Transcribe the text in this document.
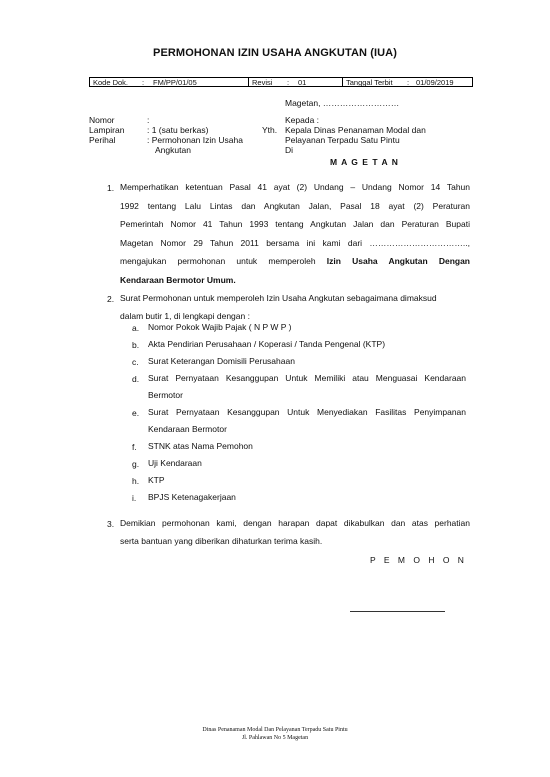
PERMOHONAN IZIN USAHA ANGKUTAN (IUA)
Kode Dok. : FM/PP/01/05	Revisi : 01	Tanggal Terbit : 01/09/2019
Magetan, ………………………
Nomor	:
Lampiran	: 1 (satu berkas)
Perihal	: Permohonan Izin Usaha
Angkutan
Yth.
Kepada :
Kepala Dinas Penanaman Modal dan
Pelayanan Terpadu Satu Pintu
Di
M A G E T A N
1. Memperhatikan ketentuan Pasal 41 ayat (2) Undang – Undang Nomor 14 Tahun
1992 tentang Lalu Lintas dan Angkutan Jalan, Pasal 18 ayat (2) Peraturan
Pemerintah Nomor 41 Tahun 1993 tentang Angkutan Jalan dan Peraturan Bupati
Magetan Nomor 29 Tahun 2011 bersama ini kami dari ……………………………..,
mengajukan permohonan untuk memperoleh Izin Usaha Angkutan Dengan
Kendaraan Bermotor Umum.
2. Surat Permohonan untuk memperoleh Izin Usaha Angkutan sebagaimana dimaksud
dalam butir 1, di lengkapi dengan :
a. Nomor Pokok Wajib Pajak ( N P W P )
b. Akta Pendirian Perusahaan / Koperasi / Tanda Pengenal (KTP)
c. Surat Keterangan Domisili Perusahaan
d. Surat Pernyataan Kesanggupan Untuk Memiliki atau Menguasai Kendaraan
Bermotor
e. Surat Pernyataan Kesanggupan Untuk Menyediakan Fasilitas Penyimpanan
Kendaraan Bermotor
f. STNK atas Nama Pemohon
g. Uji Kendaraan
h. KTP
i. BPJS Ketenagakerjaan
3. Demikian permohonan kami, dengan harapan dapat dikabulkan dan atas perhatian
serta bantuan yang diberikan dihaturkan terima kasih.
P E M O H O N
Dinas Penanaman Modal Dan Pelayanan Terpadu Satu Pintu
Jl. Pahlawan No 5 Magetan
